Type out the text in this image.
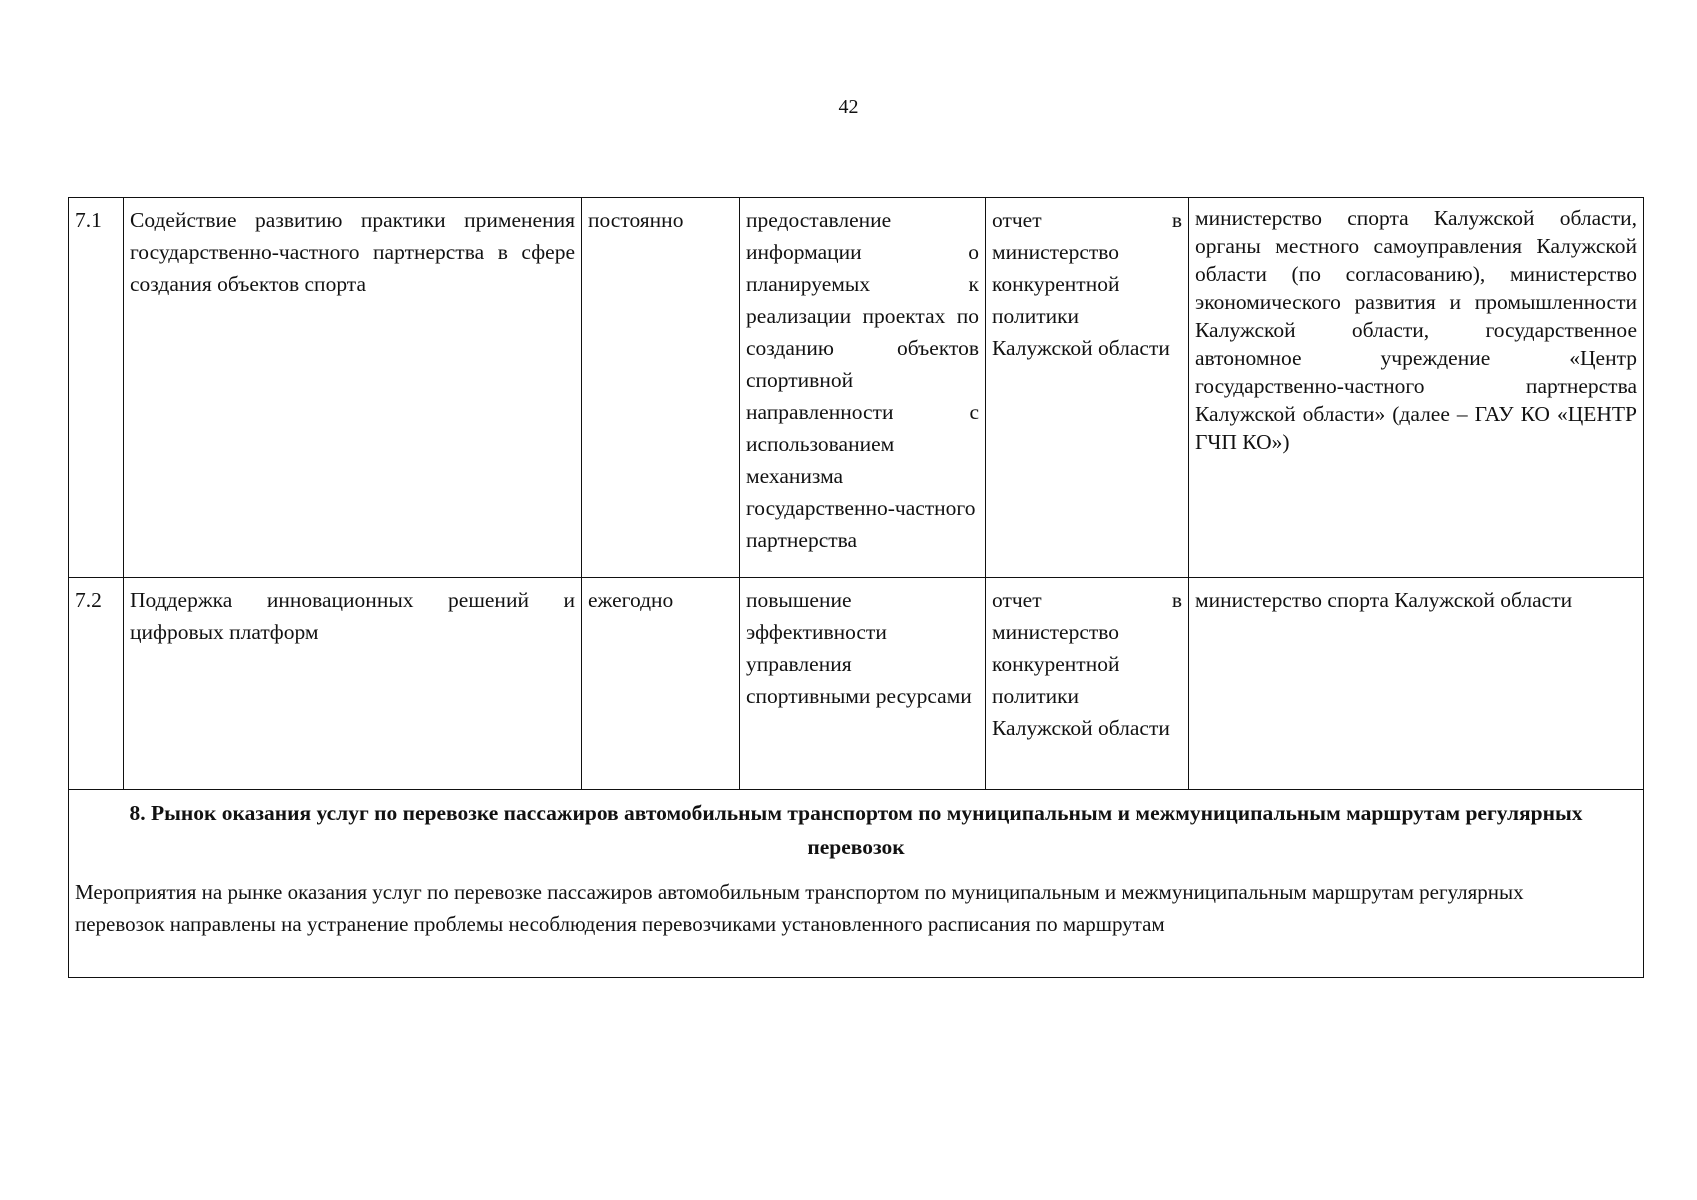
42
7.1	Содействие развитию практики применения государственно-частного партнерства в сфере создания объектов спорта	постоянно	предоставление информации о планируемых к реализации проектах по созданию объектов спортивной направленности с использованием механизма государственно-частного партнерства	отчет в министерство конкурентной политики Калужской области	министерство спорта Калужской области, органы местного самоуправления Калужской области (по согласованию), министерство экономического развития и промышленности Калужской области, государственное автономное учреждение «Центр государственно-частного партнерства Калужской области» (далее – ГАУ КО «ЦЕНТР ГЧП КО»)
7.2	Поддержка инновационных решений и цифровых платформ	ежегодно	повышение эффективности управления спортивными ресурсами	отчет в министерство конкурентной политики Калужской области	министерство спорта Калужской области

8. Рынок оказания услуг по перевозке пассажиров автомобильным транспортом по муниципальным и межмуниципальным маршрутам регулярных перевозок
Мероприятия на рынке оказания услуг по перевозке пассажиров автомобильным транспортом по муниципальным и межмуниципальным маршрутам регулярных перевозок направлены на устранение проблемы несоблюдения перевозчиками установленного расписания по маршрутам					
